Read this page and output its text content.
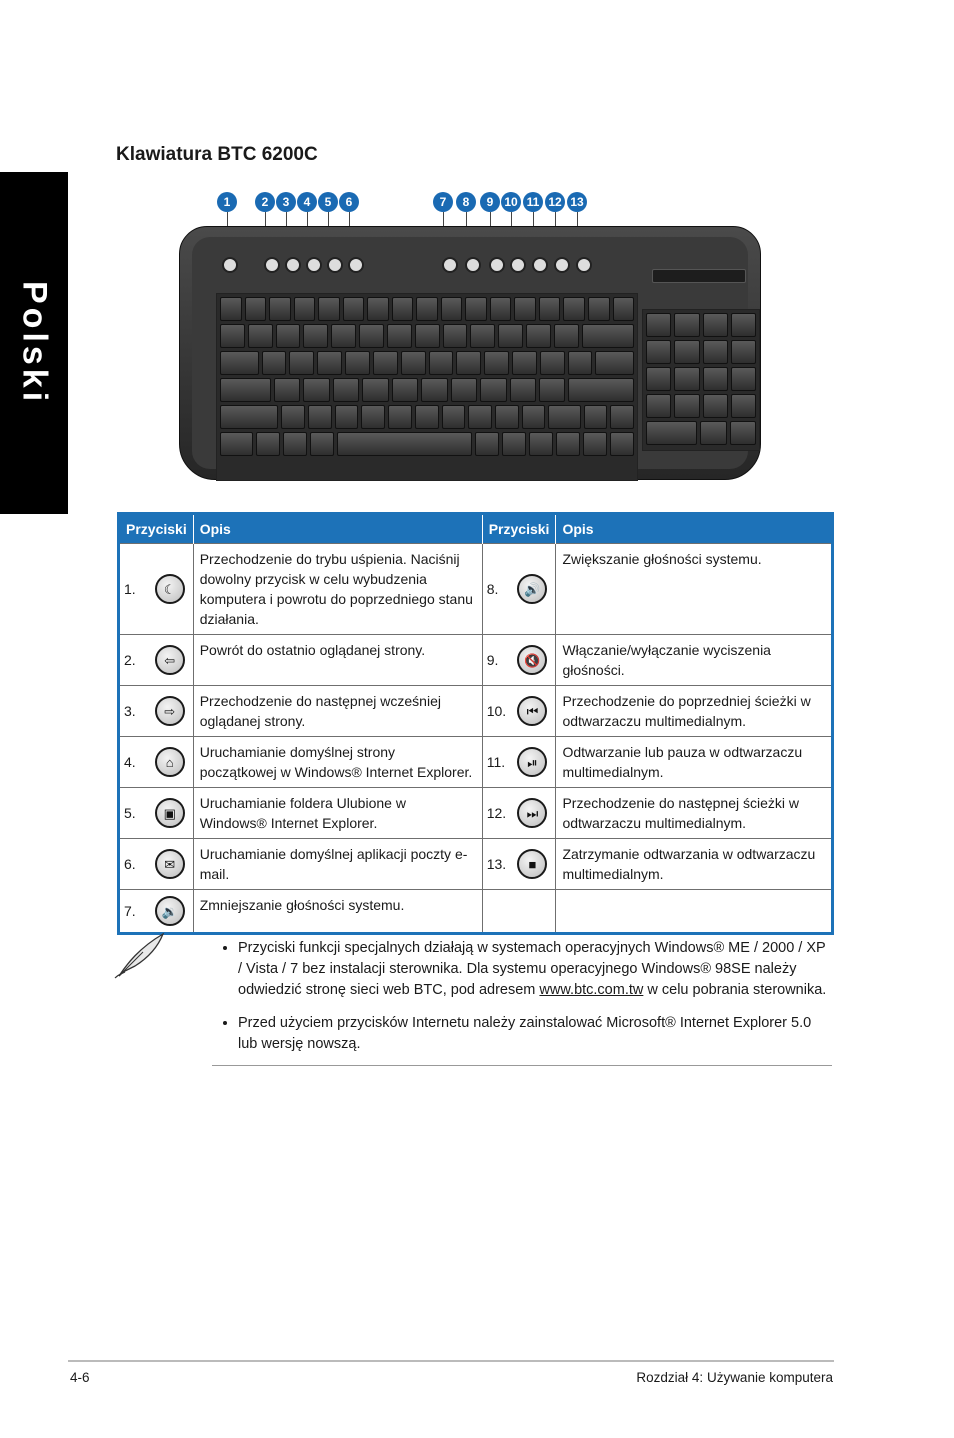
Polski
Klawiatura BTC 6200C
1	2	3	4	5	6	7	8	9 10 11 12 13
Przyciski	Opis	Przyciski	Opis

1. ☾	Przechodzenie do trybu uśpienia. Naciśnij dowolny przycisk w celu wybudzenia komputera i powrotu do poprzedniego stanu działania.	8. 🔊	Zwiększanie głośności systemu.

2. ⇦	Powrót do ostatnio oglądanej strony.	9. 🔇	Włączanie/wyłączanie wyciszenia głośności.

3. ⇨	Przechodzenie do następnej wcześniej oglądanej strony.	10. ⏮	Przechodzenie do poprzedniej ścieżki w odtwarzaczu multimedialnym.

4. ⌂	Uruchamianie domyślnej strony początkowej w Windows® Internet Explorer.	11. ⏯	Odtwarzanie lub pauza w odtwarzaczu multimedialnym.

5. ▣	Uruchamianie foldera Ulubione w Windows® Internet Explorer.	12. ⏭	Przechodzenie do następnej ścieżki w odtwarzaczu multimedialnym.

6. ✉	Uruchamianie domyślnej aplikacji poczty e-mail.	13. ■	Zatrzymanie odtwarzania w odtwarzaczu multimedialnym.

7. 🔉	Zmniejszanie głośności systemu.		
• Przyciski funkcji specjalnych działają w systemach operacyjnych Windows® ME / 2000 / XP / Vista / 7 bez instalacji sterownika. Dla systemu operacyjnego Windows® 98SE należy odwiedzić stronę sieci web BTC, pod adresem www.btc.com.tw w celu pobrania sterownika.
• Przed użyciem przycisków Internetu należy zainstalować Microsoft® Internet Explorer 5.0 lub wersję nowszą.
4-6	Rozdział 4: Używanie komputera
